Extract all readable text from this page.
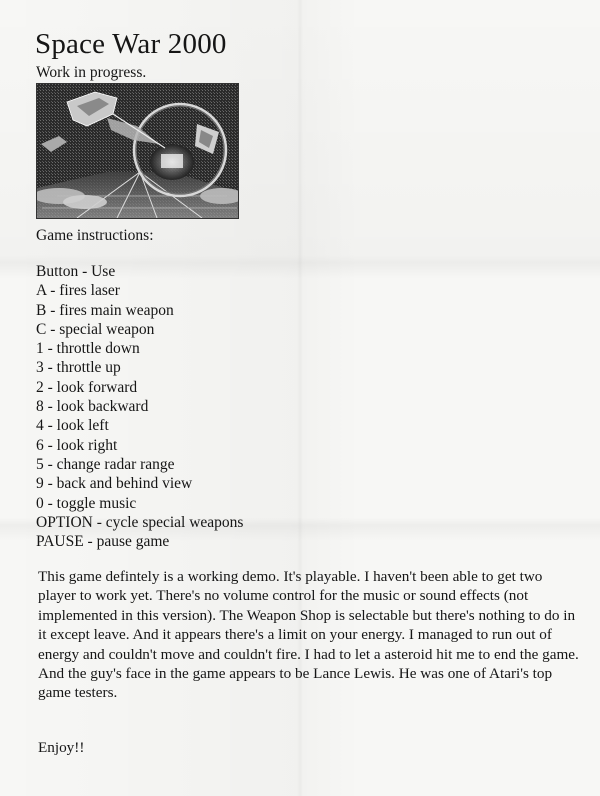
Space War 2000
Work in progress.
Game instructions:
Button - Use
A - fires laser
B - fires main weapon
C - special weapon
1 - throttle down
3 - throttle up
2 - look forward
8 - look backward
4 - look left
6 - look right
5 - change radar range
9 - back and behind view
0 - toggle music
OPTION - cycle special weapons
PAUSE - pause game

This game defintely is a working demo. It's playable. I haven't been able to get two player to work yet. There's no volume control for the music or sound effects (not implemented in this version). The Weapon Shop is selectable but there's nothing to do in it except leave. And it appears there's a limit on your energy. I managed to run out of energy and couldn't move and couldn't fire. I had to let a asteroid hit me to end the game. And the guy's face in the game appears to be Lance Lewis. He was one of Atari's top game testers.

Enjoy!!
